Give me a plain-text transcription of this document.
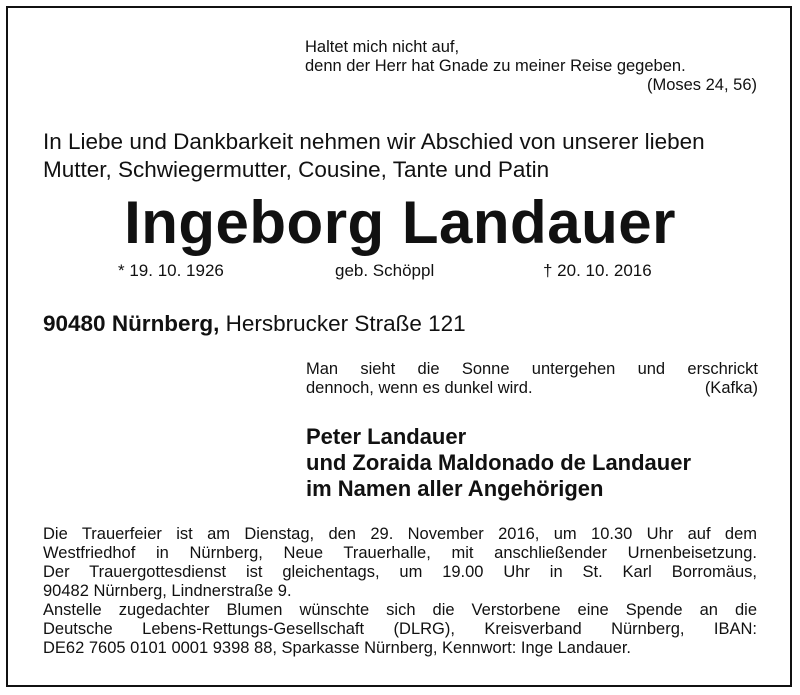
Haltet mich nicht auf,
denn der Herr hat Gnade zu meiner Reise gegeben.
(Moses 24, 56)
In Liebe und Dankbarkeit nehmen wir Abschied von unserer lieben
Mutter, Schwiegermutter, Cousine, Tante und Patin
Ingeborg Landauer
* 19. 10. 1926	geb. Schöppl	† 20. 10. 2016
90480 Nürnberg, Hersbrucker Straße 121
Man sieht die Sonne untergehen und erschrickt
dennoch, wenn es dunkel wird.	(Kafka)
Peter Landauer
und Zoraida Maldonado de Landauer
im Namen aller Angehörigen
Die Trauerfeier ist am Dienstag, den 29. November 2016, um 10.30 Uhr auf dem
Westfriedhof in Nürnberg, Neue Trauerhalle, mit anschließender Urnenbeisetzung.
Der Trauergottesdienst ist gleichentags, um 19.00 Uhr in St. Karl Borromäus,
90482 Nürnberg, Lindnerstraße 9.
Anstelle zugedachter Blumen wünschte sich die Verstorbene eine Spende an die
Deutsche Lebens-Rettungs-Gesellschaft (DLRG), Kreisverband Nürnberg, IBAN:
DE62 7605 0101 0001 9398 88, Sparkasse Nürnberg, Kennwort: Inge Landauer.
